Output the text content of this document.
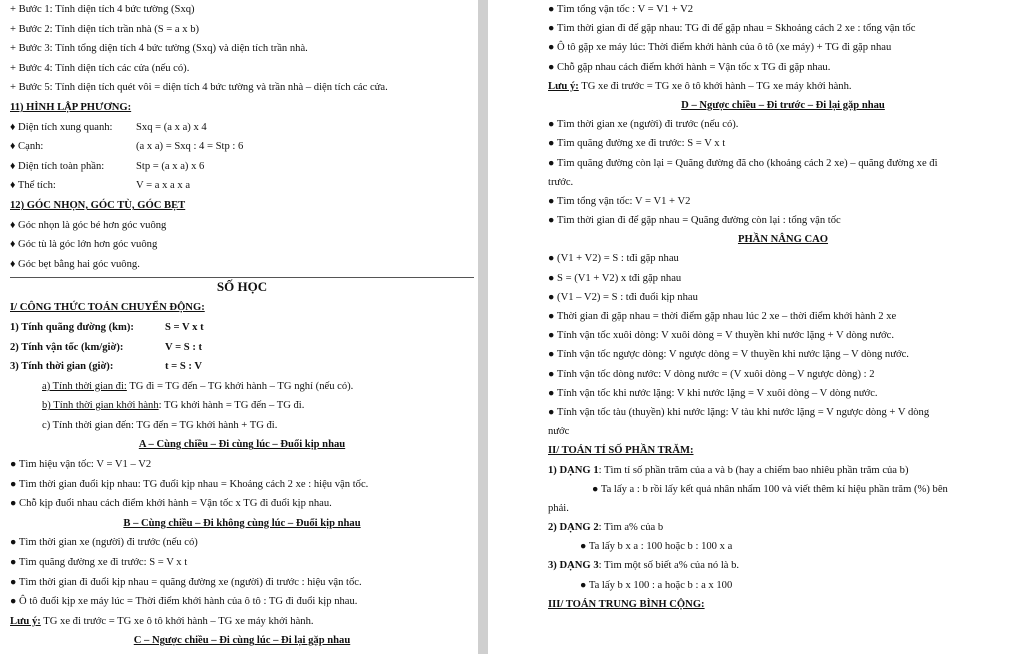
+ Bước 1: Tính diện tích 4 bức tường (Sxq)
+ Bước 2: Tính diện tích trần nhà (S = a x b)
+ Bước 3: Tính tổng diện tích 4 bức tường (Sxq) và diện tích trần nhà.
+ Bước 4: Tính diện tích các cửa (nếu có).
+ Bước 5: Tính diện tích quét vôi = diện tích 4 bức tường và trần nhà – diện tích các cửa.
11) HÌNH LẬP PHƯƠNG:
♦ Diện tích xung quanh: Sxq = (a x a) x 4
♦ Cạnh:	(a x a) = Sxq : 4 = Stp : 6
♦ Diện tích toàn phần:	Stp = (a x a) x 6
♦ Thể tích:	V = a x a x a
12) GÓC NHỌN, GÓC TÙ, GÓC BẸT
♦ Góc nhọn là góc bé hơn góc vuông
♦ Góc tù là góc lớn hơn góc vuông
♦ Góc bẹt bằng hai góc vuông.
SỐ HỌC
I/ CÔNG THỨC TOÁN CHUYỂN ĐỘNG:
1) Tính quãng đường (km):	S = V x t
2) Tính vận tốc (km/giờ):	V = S : t
3) Tính thời gian (giờ):	t = S : V
a) Tính thời gian đi: TG đi = TG đến – TG khởi hành – TG nghỉ (nếu có).
b) Tính thời gian khởi hành: TG khởi hành = TG đến – TG đi.
c) Tính thời gian đến: TG đến = TG khởi hành + TG đi.
A – Cùng chiều – Đi cùng lúc – Đuổi kịp nhau
● Tìm hiệu vận tốc: V = V1 – V2
● Tìm thời gian đuổi kịp nhau: TG đuổi kịp nhau = Khoảng cách 2 xe : hiệu vận tốc.
● Chỗ kịp đuổi nhau cách điểm khởi hành = Vận tốc x TG đi đuổi kịp nhau.
B – Cùng chiều – Đi không cùng lúc – Đuổi kịp nhau
● Tìm thời gian xe (người) đi trước (nếu có)
● Tìm quãng đường xe đi trước: S = V x t
● Tìm thời gian đi đuổi kịp nhau = quãng đường xe (người) đi trước : hiệu vận tốc.
● Ô tô đuổi kịp xe máy lúc = Thời điểm khởi hành của ô tô : TG đi đuổi kịp nhau.
Lưu ý: TG xe đi trước = TG xe ô tô khởi hành – TG xe máy khởi hành.
C – Ngược chiều – Đi cùng lúc – Đi lại gặp nhau
● Tìm tổng vận tốc : V = V1 + V2
● Tìm thời gian đi để gặp nhau: TG đi để gặp nhau = Skhoảng cách 2 xe : tổng vận tốc
● Ô tô gặp xe máy lúc: Thời điểm khởi hành của ô tô (xe máy) + TG đi gặp nhau
● Chỗ gặp nhau cách điểm khởi hành = Vận tốc x TG đi gặp nhau.
Lưu ý: TG xe đi trước = TG xe ô tô khởi hành – TG xe máy khởi hành.
D – Ngược chiều – Đi trước – Đi lại gặp nhau
● Tìm thời gian xe (người) đi trước (nếu có).
● Tìm quãng đường xe đi trước: S = V x t
● Tìm quãng đường còn lại = Quãng đường đã cho (khoảng cách 2 xe) – quãng đường xe đi
trước.
● Tìm tổng vận tốc: V = V1 + V2
● Tìm thời gian đi để gặp nhau = Quãng đường còn lại : tổng vận tốc
PHẦN NÂNG CAO
● (V1 + V2) = S : tđi gặp nhau
● S = (V1 + V2) x tđi gặp nhau
● (V1 – V2) = S : tđi đuổi kịp nhau
● Thời gian đi gặp nhau = thời điểm gặp nhau lúc 2 xe – thời điểm khởi hành 2 xe
● Tính vận tốc xuôi dòng: V xuôi dòng = V thuyền khi nước lặng + V dòng nước.
● Tính vận tốc ngược dòng: V ngược dòng = V thuyền khi nước lặng – V dòng nước.
● Tính vận tốc dòng nước: V dòng nước = (V xuôi dòng – V ngược dòng) : 2
● Tính vận tốc khi nước lặng: V khi nước lặng = V xuôi dòng – V dòng nước.
● Tính vận tốc tàu (thuyền) khi nước lặng: V tàu khi nước lặng = V ngược dòng + V dòng
nước
II/ TOÁN TỈ SỐ PHẦN TRĂM:
1) DẠNG 1: Tìm tỉ số phần trăm của a và b (hay a chiếm bao nhiêu phần trăm của b)
● Ta lấy a : b rồi lấy kết quả nhân nhẩm 100 và viết thêm kí hiệu phần trăm (%) bên
phải.
2) DẠNG 2: Tìm a% của b
● Ta lấy b x a : 100 hoặc b : 100 x a
3) DẠNG 3: Tìm một số biết a% của nó là b.
● Ta lấy b x 100 : a hoặc b : a x 100
III/ TOÁN TRUNG BÌNH CỘNG:
